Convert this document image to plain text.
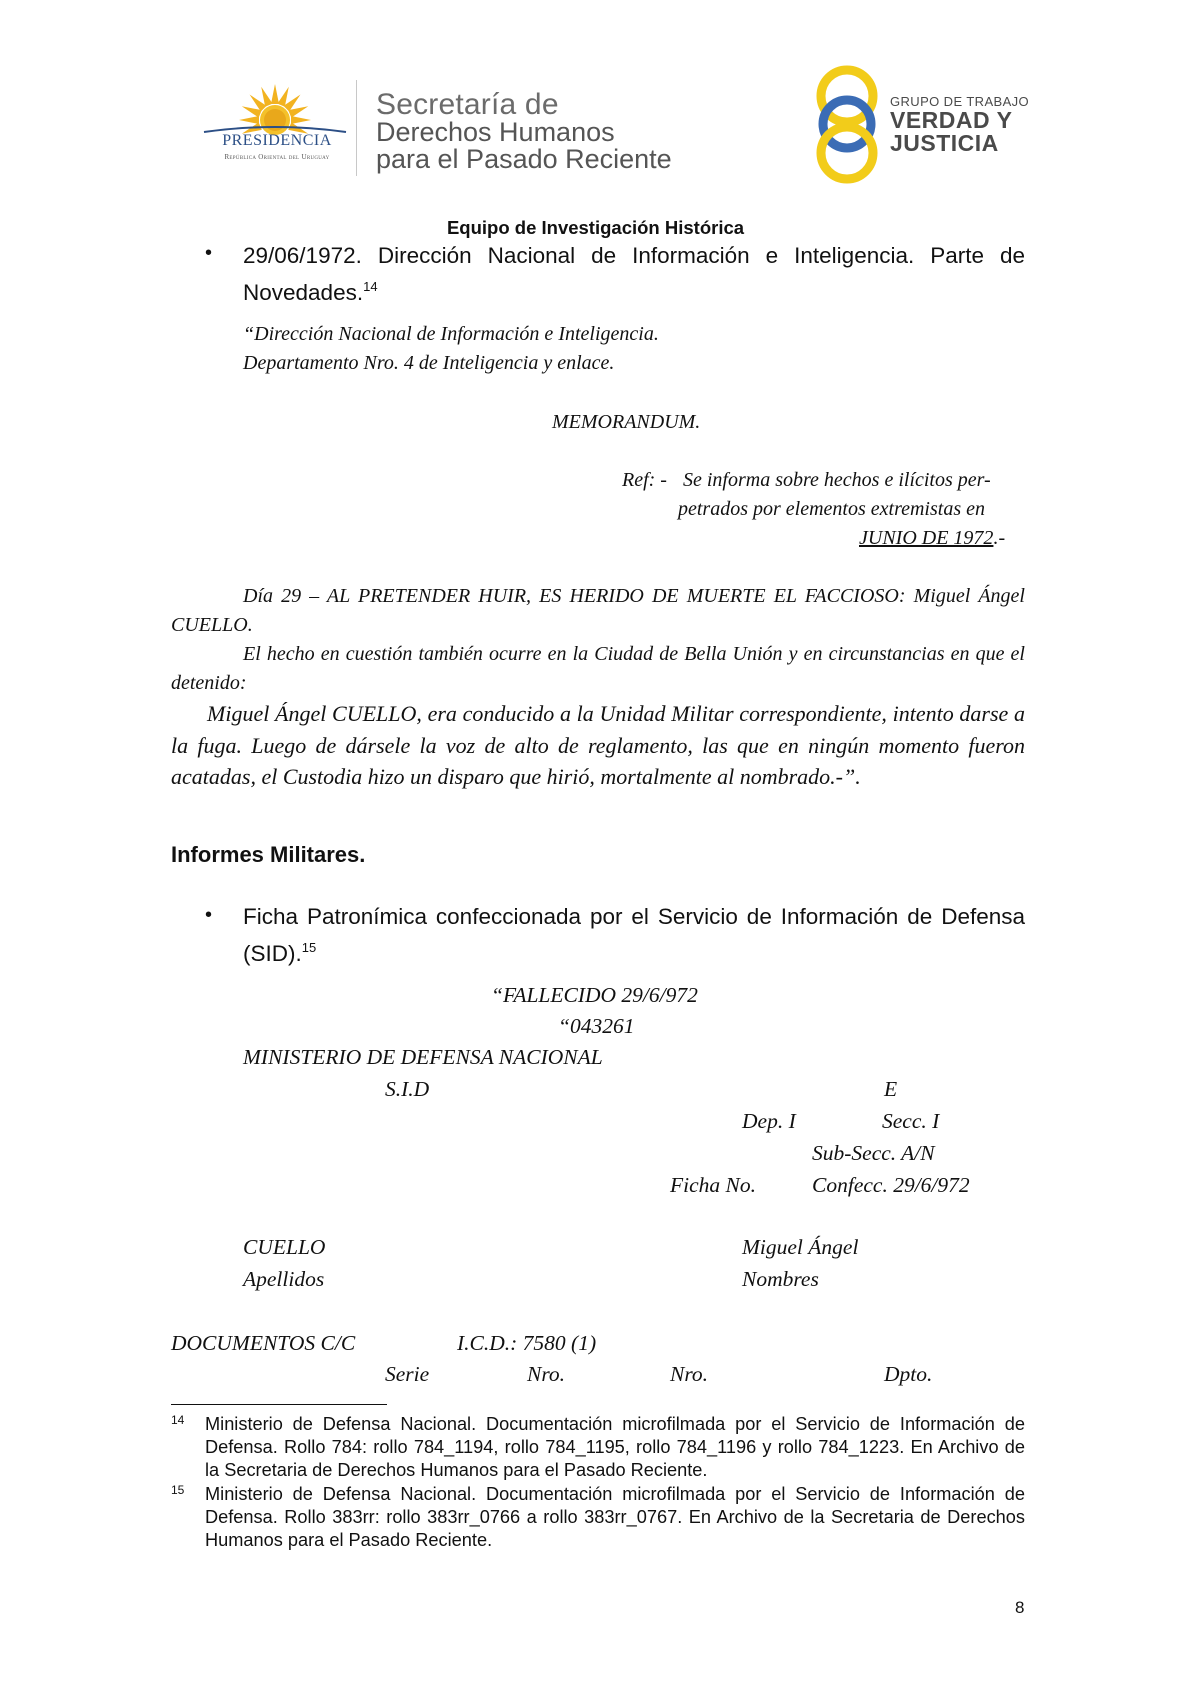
PRESIDENCIA
República Oriental del Uruguay
Secretaría de
Derechos Humanos
para el Pasado Reciente
GRUPO DE TRABAJO
VERDAD Y
JUSTICIA
Equipo de Investigación Histórica
• 29/06/1972. Dirección Nacional de Información e Inteligencia. Parte de Novedades.$^{14}$
“Dirección Nacional de Información e Inteligencia.
Departamento Nro. 4 de Inteligencia y enlace.
MEMORANDUM.
Ref: - Se informa sobre hechos e ilícitos per-
petrados por elementos extremistas en
JUNIO DE 1972.-
Día 29 – AL PRETENDER HUIR, ES HERIDO DE MUERTE EL FACCIOSO: Miguel Ángel CUELLO.
El hecho en cuestión también ocurre en la Ciudad de Bella Unión y en circunstancias en que el detenido:
Miguel Ángel CUELLO, era conducido a la Unidad Militar correspondiente, intento darse a la fuga. Luego de dársele la voz de alto de reglamento, las que en ningún momento fueron acatadas, el Custodia hizo un disparo que hirió, mortalmente al nombrado.-”.
Informes Militares.
• Ficha Patronímica confeccionada por el Servicio de Información de Defensa (SID).$^{15}$
“FALLECIDO 29/6/972
“043261
MINISTERIO DE DEFENSA NACIONAL
S.I.D	E
Dep. I	Secc. I
Sub-Secc. A/N
Ficha No.	Confecc. 29/6/972
CUELLO	Miguel Ángel
Apellidos	Nombres
DOCUMENTOS C/C	I.C.D.: 7580 (1)
Serie	Nro.	Nro.	Dpto.
14 Ministerio de Defensa Nacional. Documentación microfilmada por el Servicio de Información de Defensa. Rollo 784: rollo 784_1194, rollo 784_1195, rollo 784_1196 y rollo 784_1223. En Archivo de la Secretaria de Derechos Humanos para el Pasado Reciente.
15 Ministerio de Defensa Nacional. Documentación microfilmada por el Servicio de Información de Defensa. Rollo 383rr: rollo 383rr_0766 a rollo 383rr_0767. En Archivo de la Secretaria de Derechos Humanos para el Pasado Reciente.
8
